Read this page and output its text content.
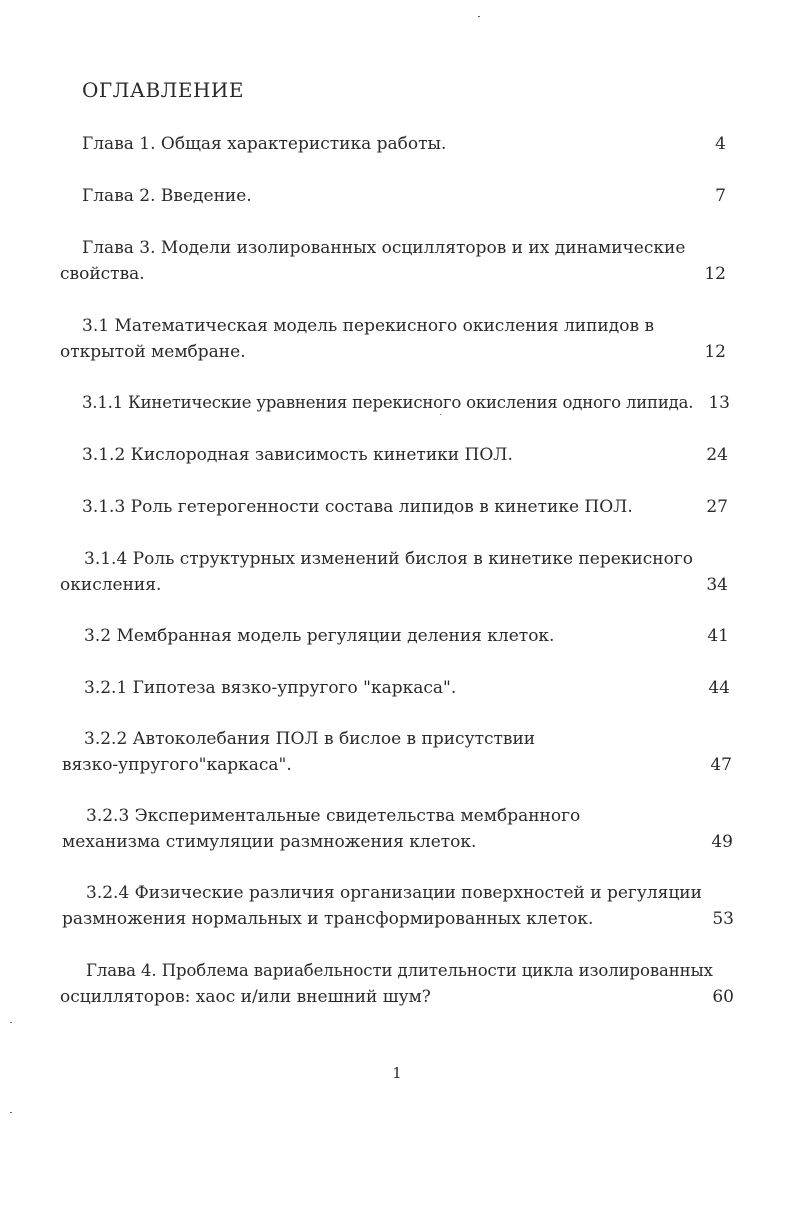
ОГЛАВЛЕНИЕ
Глава 1. Общая характеристика работы.	4
Глава 2. Введение.	7
Глава 3. Модели изолированных осцилляторов и их динамические
свойства.	12
3.1 Математическая модель перекисного окисления липидов в
открытой мембране.	12
3.1.1 Кинетические уравнения перекисного окисления одного липида. 13
3.1.2 Кислородная зависимость кинетики ПОЛ.	24
3.1.3 Роль гетерогенности состава липидов в кинетике ПОЛ.	27
3.1.4 Роль структурных изменений бислоя в кинетике перекисного
окисления.	34
3.2 Мембранная модель регуляции деления клеток.	41
3.2.1 Гипотеза вязко-упругого "каркаса".	44
3.2.2 Автоколебания ПОЛ в бислое в присутствии
вязко-упругого"каркаса".	47
3.2.3 Экспериментальные свидетельства мембранного
механизма стимуляции размножения клеток.	49
3.2.4 Физические различия организации поверхностей и регуляции
размножения нормальных и трансформированных клеток.	53
Глава 4. Проблема вариабельности длительности цикла изолированных
осцилляторов: хаос и/или внешний шум?	60
1
